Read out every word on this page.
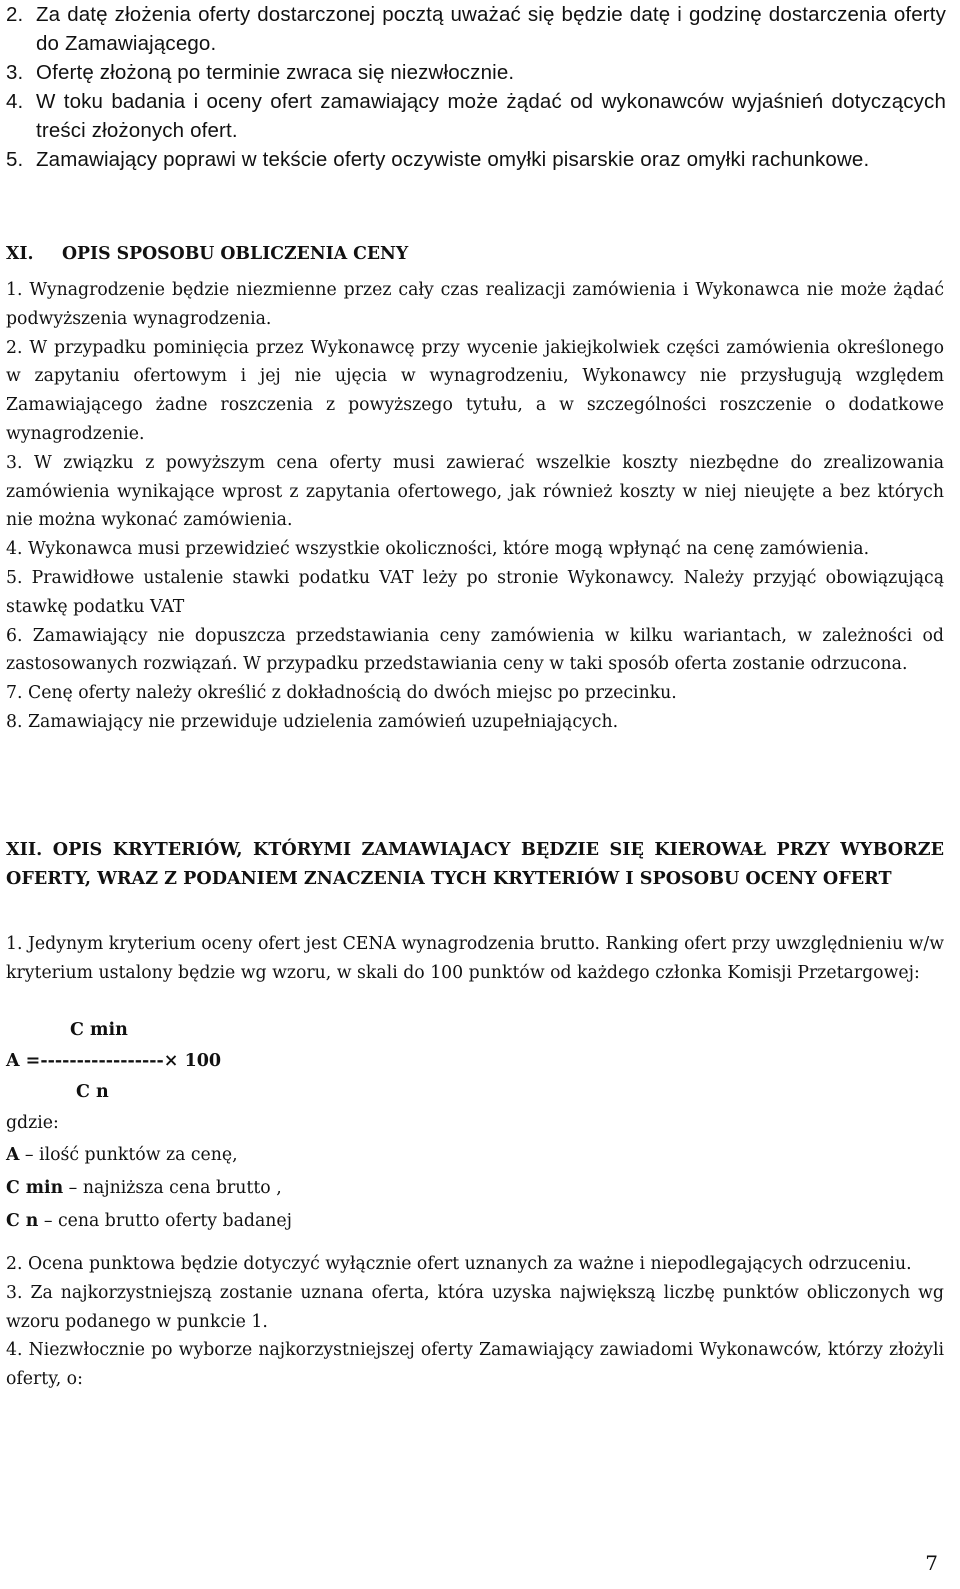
2. Za datę złożenia oferty dostarczonej pocztą uważać się będzie datę i godzinę dostarczenia oferty do Zamawiającego.
3. Ofertę złożoną po terminie zwraca się niezwłocznie.
4. W toku badania i oceny ofert zamawiający może żądać od wykonawców wyjaśnień dotyczących treści złożonych ofert.
5. Zamawiający poprawi w tekście oferty oczywiste omyłki pisarskie oraz omyłki rachunkowe.
XI. OPIS SPOSOBU OBLICZENIA CENY

1. Wynagrodzenie będzie niezmienne przez cały czas realizacji zamówienia i Wykonawca nie może żądać podwyższenia wynagrodzenia.

2. W przypadku pominięcia przez Wykonawcę przy wycenie jakiejkolwiek części zamówienia określonego w zapytaniu ofertowym i jej nie ujęcia w wynagrodzeniu, Wykonawcy nie przysługują względem Zamawiającego żadne roszczenia z powyższego tytułu, a w szczególności roszczenie o dodatkowe wynagrodzenie.

3. W związku z powyższym cena oferty musi zawierać wszelkie koszty niezbędne do zrealizowania zamówienia wynikające wprost z zapytania ofertowego, jak również koszty w niej nieujęte a bez których nie można wykonać zamówienia.

4. Wykonawca musi przewidzieć wszystkie okoliczności, które mogą wpłynąć na cenę zamówienia.

5. Prawidłowe ustalenie stawki podatku VAT leży po stronie Wykonawcy. Należy przyjąć obowiązującą stawkę podatku VAT

6. Zamawiający nie dopuszcza przedstawiania ceny zamówienia w kilku wariantach, w zależności od zastosowanych rozwiązań. W przypadku przedstawiania ceny w taki sposób oferta zostanie odrzucona.

7. Cenę oferty należy określić z dokładnością do dwóch miejsc po przecinku.

8. Zamawiający nie przewiduje udzielenia zamówień uzupełniających.

XII. OPIS KRYTERIÓW, KTÓRYMI ZAMAWIAJACY BĘDZIE SIĘ KIEROWAŁ PRZY WYBORZE OFERTY, WRAZ Z PODANIEM ZNACZENIA TYCH KRYTERIÓW I SPOSOBU OCENY OFERT

1. Jedynym kryterium oceny ofert jest CENA wynagrodzenia brutto. Ranking ofert przy uwzględnieniu w/w kryterium ustalony będzie wg wzoru, w skali do 100 punktów od każdego członka Komisji Przetargowej:

C min
A =-----------------× 100
C n
gdzie:
A – ilość punktów za cenę,
C min – najniższa cena brutto ,
C n – cena brutto oferty badanej

2. Ocena punktowa będzie dotyczyć wyłącznie ofert uznanych za ważne i niepodlegających odrzuceniu.

3. Za najkorzystniejszą zostanie uznana oferta, która uzyska największą liczbę punktów obliczonych wg wzoru podanego w punkcie 1.

4. Niezwłocznie po wyborze najkorzystniejszej oferty Zamawiający zawiadomi Wykonawców, którzy złożyli oferty, o:

7
